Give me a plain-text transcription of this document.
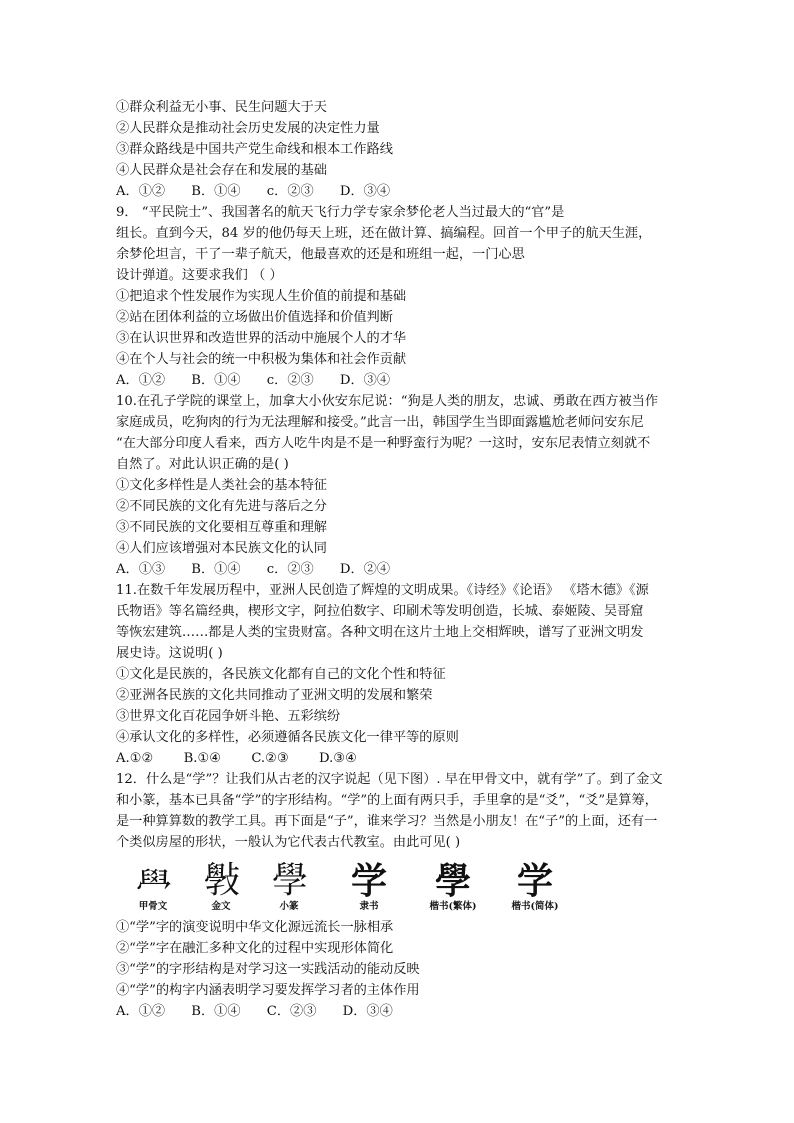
①群众利益无小事、民生问题大于天
②人民群众是推动社会历史发展的决定性力量
③群众路线是中国共产党生命线和根本工作路线
④人民群众是社会存在和发展的基础
A．①② B．①④ c．②③ D．③④
9． “平民院士”、我国著名的航天飞行力学专家余梦伦老人当过最大的“官”是
组长。直到今天，84 岁的他仍每天上班，还在做计算、搞编程。回首一个甲子的航天生涯，
余梦伦坦言，干了一辈子航天，他最喜欢的还是和班组一起，一门心思
设计弹道。这要求我们 （ ）
①把追求个性发展作为实现人生价值的前提和基础
②站在团体利益的立场做出价值选择和价值判断
③在认识世界和改造世界的活动中施展个人的才华
④在个人与社会的统一中积极为集体和社会作贡献
A．①② B．①④ c．②③ D．③④
10.在孔子学院的课堂上，加拿大小伙安东尼说：“狗是人类的朋友，忠诚、勇敢在西方被当作
家庭成员，吃狗肉的行为无法理解和接受。”此言一出，韩国学生当即面露尴尬老师问安东尼
“在大部分印度人看来，西方人吃牛肉是不是一种野蛮行为呢？一这时，安东尼表情立刻就不
自然了。对此认识正确的是( )
①文化多样性是人类社会的基本特征
②不同民族的文化有先进与落后之分
③不同民族的文化要相互尊重和理解
④人们应该增强对本民族文化的认同
A．①③ B．①④ c．②③ D．②④
11.在数千年发展历程中，亚洲人民创造了辉煌的文明成果。《诗经》《论语》 《塔木德》《源
氏物语》等名篇经典，楔形文字，阿拉伯数字、印刷术等发明创造，长城、泰姬陵、吴哥窟
等恢宏建筑……都是人类的宝贵财富。各种文明在这片土地上交相辉映，谱写了亚洲文明发
展史诗。这说明( )
①文化是民族的，各民族文化都有自己的文化个性和特征
②亚洲各民族的文化共同推动了亚洲文明的发展和繁荣
③世界文化百花园争妍斗艳、五彩缤纷
④承认文化的多样性，必须遵循各民族文化一律平等的原则
A.①② B.①④ C.②③ D.③④
12．什么是“学”？让我们从古老的汉字说起（见下图）. 早在甲骨文中，就有学”了。到了金文
和小篆，基本已具备“学”的字形结构。“学”的上面有两只手，手里拿的是“爻”，“爻”是算筹，
是一种算算数的教学工具。再下面是“子”，谁来学习？当然是小朋友！在“子”的上面，还有一
个类似房屋的形状，一般认为它代表古代教室。由此可见( )
𦥯
甲骨文
斅
金文
學
小篆
学
隶书
學
楷书(繁体)
学
楷书(简体)
①“学”字的演变说明中华文化源远流长一脉相承
②“学”字在融汇多种文化的过程中实现形体简化
③“学”的字形结构是对学习这一实践活动的能动反映
④“学”的构字内涵表明学习要发挥学习者的主体作用
A．①② B．①④ C．②③ D．③④
